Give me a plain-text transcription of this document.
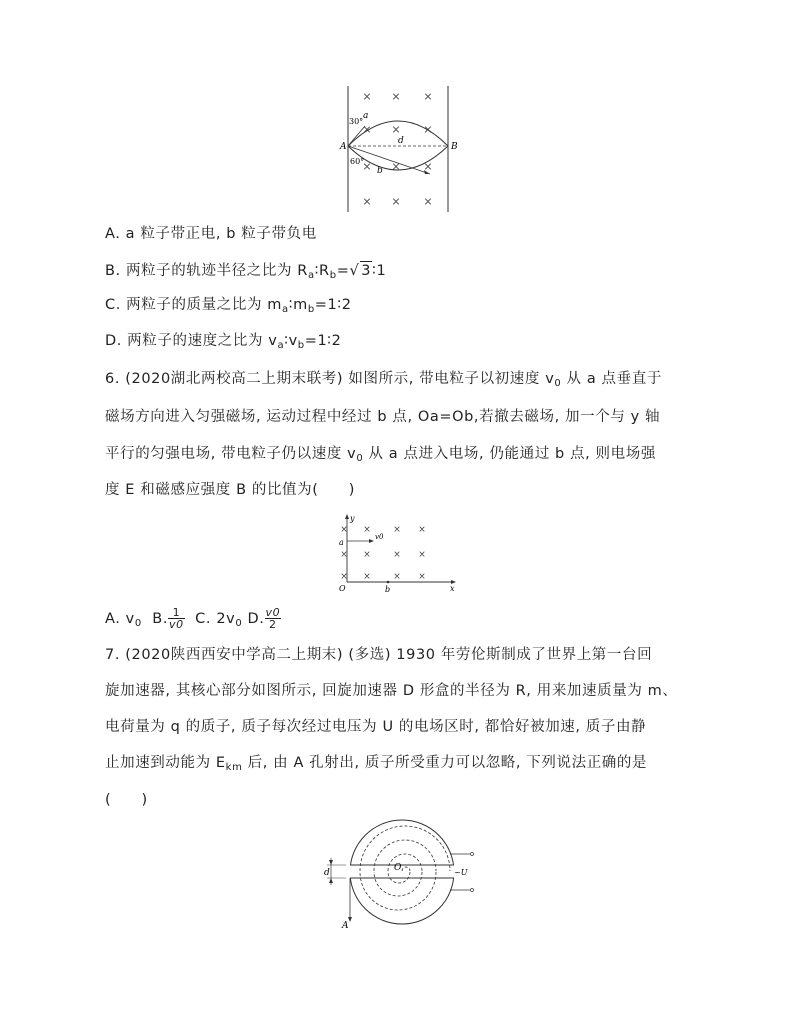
× × ×
× × ×
× × ×
× × ×
A	B
a
b
d
30°
60°
A. a 粒子带正电, b 粒子带负电
B. 两粒子的轨迹半径之比为 $R_a∶R_b=√$ 3∶1
C. 两粒子的质量之比为 $m_a∶m_b=1∶2$
D. 两粒子的速度之比为 $v_a∶v_b=1∶2$
6. (2020湖北两校高二上期末联考) 如图所示, 带电粒子以初速度 $v_0$ 从 a 点垂直于
磁场方向进入匀强磁场, 运动过程中经过 b 点, Oa=Ob,若撤去磁场, 加一个与 y 轴
平行的匀强电场, 带电粒子仍以速度 $v_0$ 从 a 点进入电场, 仍能通过 b 点, 则电场强
度 E 和磁感应强度 B 的比值为(　　)
y
x
O
a
b
v0
× × × ×
× × × ×
× × × ×
A. $v_0$ B. $\frac{1}{v0} C$. $2v_0$ D. $\frac{v0}{2}$
7. (2020陕西西安中学高二上期末) (多选) 1930 年劳伦斯制成了世界上第一台回
旋加速器, 其核心部分如图所示, 回旋加速器 D 形盒的半径为 R, 用来加速质量为 m、
电荷量为 q 的质子, 质子每次经过电压为 U 的电场区时, 都恰好被加速, 质子由静
止加速到动能为 $E_{km}$ 后, 由 A 孔射出, 质子所受重力可以忽略, 下列说法正确的是
(　　)
O
d	~U
A
